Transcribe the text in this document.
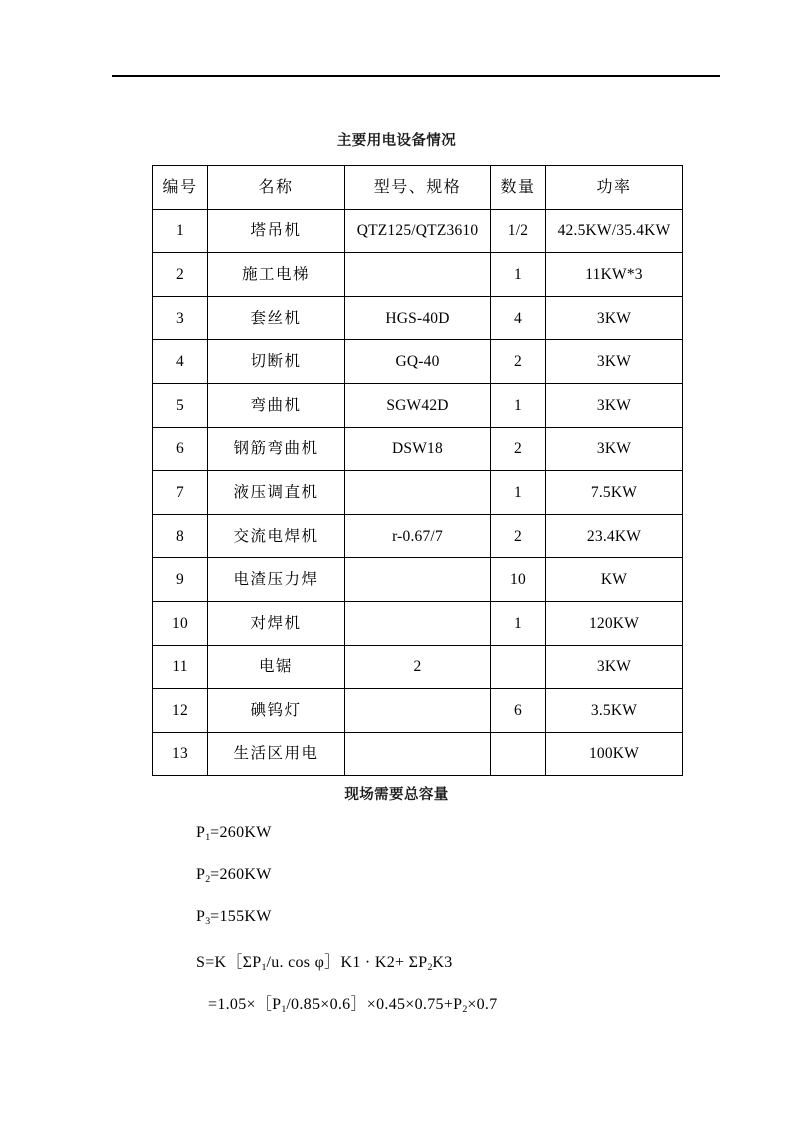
主要用电设备情况
编号	名称	型号、规格	数量	功率
1	塔吊机	QTZ125/QTZ3610	1/2	42.5KW/35.4KW
2	施工电梯		1	11KW*3
3	套丝机	HGS-40D	4	3KW
4	切断机	GQ-40	2	3KW
5	弯曲机	SGW42D	1	3KW
6	钢筋弯曲机	DSW18	2	3KW
7	液压调直机		1	7.5KW
8	交流电焊机	r-0.67/7	2	23.4KW
9	电渣压力焊		10	KW
10	对焊机		1	120KW
11	电锯	2		3KW
12	碘钨灯		6	3.5KW
13	生活区用电			100KW
现场需要总容量
$P_1=260KW$
$P_2=260KW$
$P_3=155KW$
$S=K[\Sigma P_1/u$. cos φ］K1 · $K2+ \Sigma P_2K3$
$=1.05\times[P_1/0.85\times 0.6]\times 0.45\times 0.75+P_2\times 0.7$
